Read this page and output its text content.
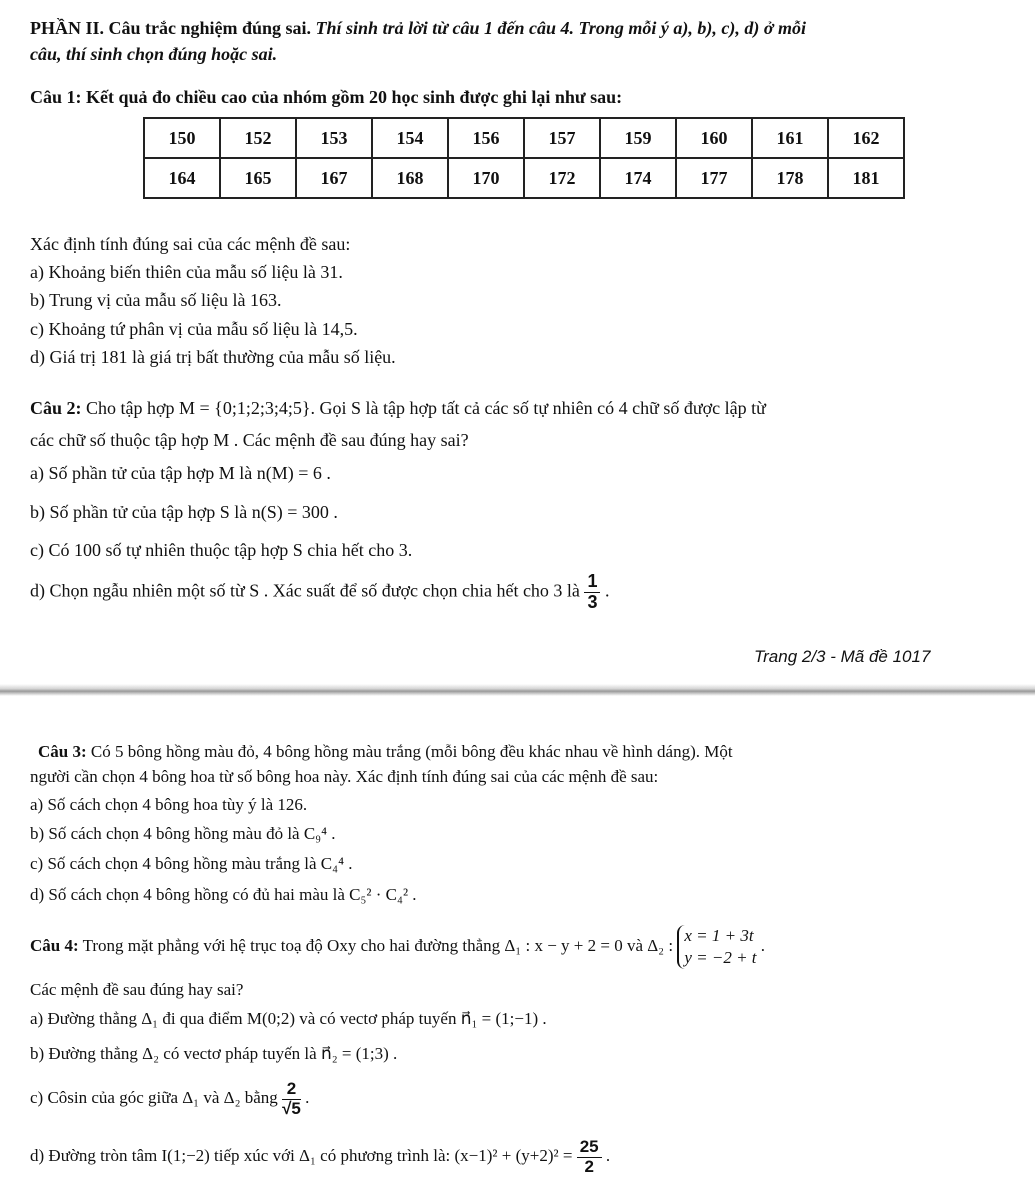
PHẦN II. Câu trắc nghiệm đúng sai. Thí sinh trả lời từ câu 1 đến câu 4. Trong mỗi ý a), b), c), d) ở mỗi
câu, thí sinh chọn đúng hoặc sai.
Câu 1: Kết quả đo chiều cao của nhóm gồm 20 học sinh được ghi lại như sau:
150	152	153	154	156	157	159	160	161	162
164	165	167	168	170	172	174	177	178	181
Xác định tính đúng sai của các mệnh đề sau:
a) Khoảng biến thiên của mẫu số liệu là 31.
b) Trung vị của mẫu số liệu là 163.
c) Khoảng tứ phân vị của mẫu số liệu là 14,5.
d) Giá trị 181 là giá trị bất thường của mẫu số liệu.
Câu 2: Cho tập hợp M = {0;1;2;3;4;5}. Gọi S là tập hợp tất cả các số tự nhiên có 4 chữ số được lập từ
các chữ số thuộc tập hợp M . Các mệnh đề sau đúng hay sai?
a) Số phần tử của tập hợp M là n(M) = 6 .
b) Số phần tử của tập hợp S là n(S) = 300 .
c) Có 100 số tự nhiên thuộc tập hợp S chia hết cho 3.
d) Chọn ngẫu nhiên một số từ S . Xác suất để số được chọn chia hết cho 3 là $\frac{1}{3}$ .
Trang 2/3 - Mã đề 1017
Câu 3: Có 5 bông hồng màu đỏ, 4 bông hồng màu trắng (mỗi bông đều khác nhau về hình dáng). Một
người cần chọn 4 bông hoa từ số bông hoa này. Xác định tính đúng sai của các mệnh đề sau:
a) Số cách chọn 4 bông hoa tùy ý là 126.
b) Số cách chọn 4 bông hồng màu đỏ là C₉⁴ .
c) Số cách chọn 4 bông hồng màu trắng là C₄⁴ .
d) Số cách chọn 4 bông hồng có đủ hai màu là C₅² · C₄² .
Câu 4: Trong mặt phẳng với hệ trục toạ độ Oxy cho hai đường thẳng Δ₁ : x − y + 2 = 0 và Δ₂ :
x = 1 + 3t
y = −2 + t
.
Các mệnh đề sau đúng hay sai?
a) Đường thẳng Δ₁ đi qua điểm M(0;2) và có vectơ pháp tuyến n⃗₁ = (1;−1) .
b) Đường thẳng Δ₂ có vectơ pháp tuyến là n⃗₂ = (1;3) .
c) Côsin của góc giữa Δ₁ và Δ₂ bằng $\frac{2}{√5}$ .
d) Đường tròn tâm I(1;−2) tiếp xúc với Δ₁ có phương trình là: $(x-1)^2 + (y+2)^2 = \frac{25}{2}$ .
